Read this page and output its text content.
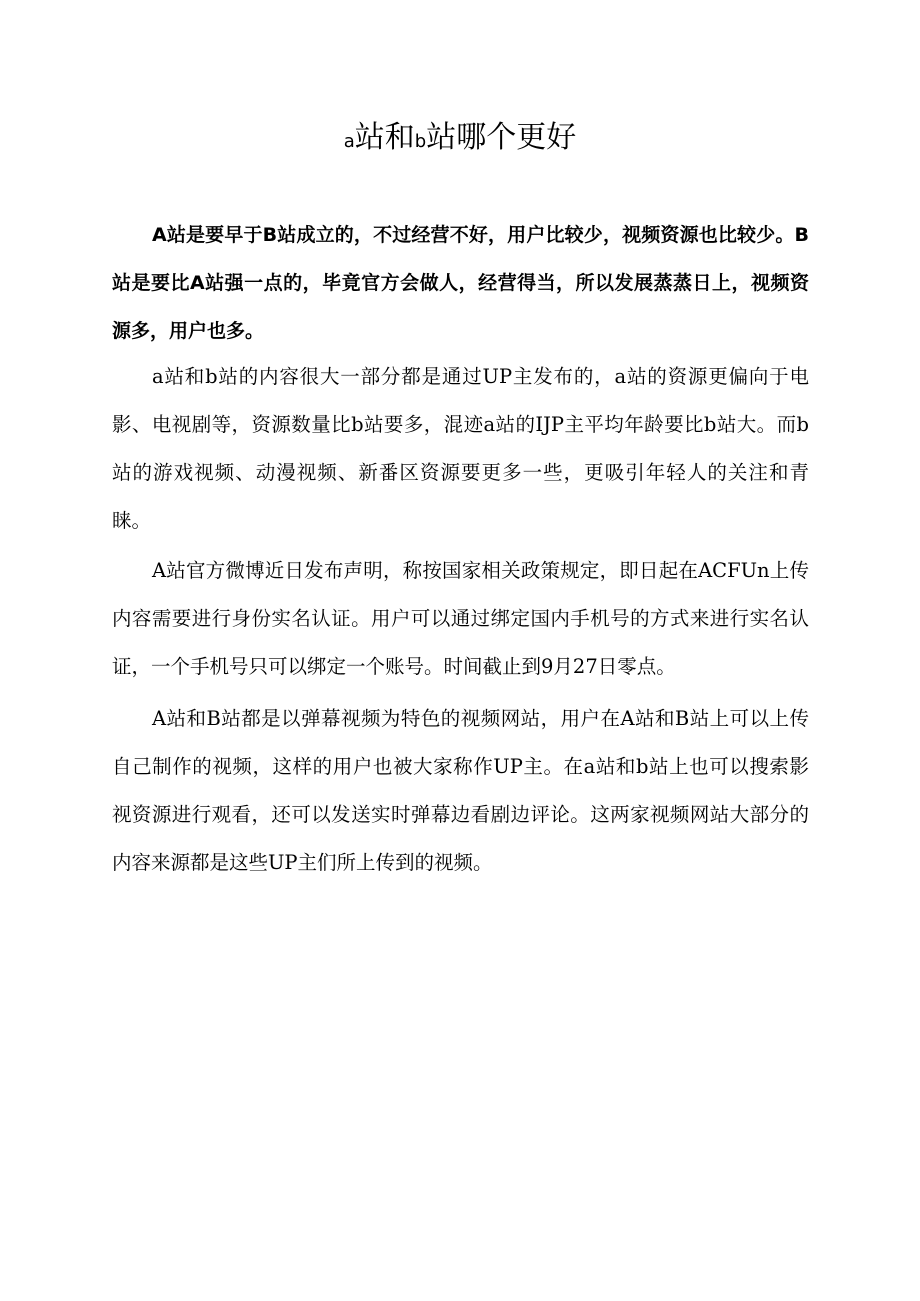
a站和b站哪个更好

A站是要早于B站成立的，不过经营不好，用户比较少，视频资源也比较少。B站是要比A站强一点的，毕竟官方会做人，经营得当，所以发展蒸蒸日上，视频资源多，用户也多。

a站和b站的内容很大一部分都是通过UP主发布的，a站的资源更偏向于电影、电视剧等，资源数量比b站要多，混迹a站的IJP主平均年龄要比b站大。而b站的游戏视频、动漫视频、新番区资源要更多一些，更吸引年轻人的关注和青睐。

A站官方微博近日发布声明，称按国家相关政策规定，即日起在ACFUn上传内容需要进行身份实名认证。用户可以通过绑定国内手机号的方式来进行实名认证，一个手机号只可以绑定一个账号。时间截止到9月27日零点。

A站和B站都是以弹幕视频为特色的视频网站，用户在A站和B站上可以上传自己制作的视频，这样的用户也被大家称作UP主。在a站和b站上也可以搜索影视资源进行观看，还可以发送实时弹幕边看剧边评论。这两家视频网站大部分的内容来源都是这些UP主们所上传到的视频。
